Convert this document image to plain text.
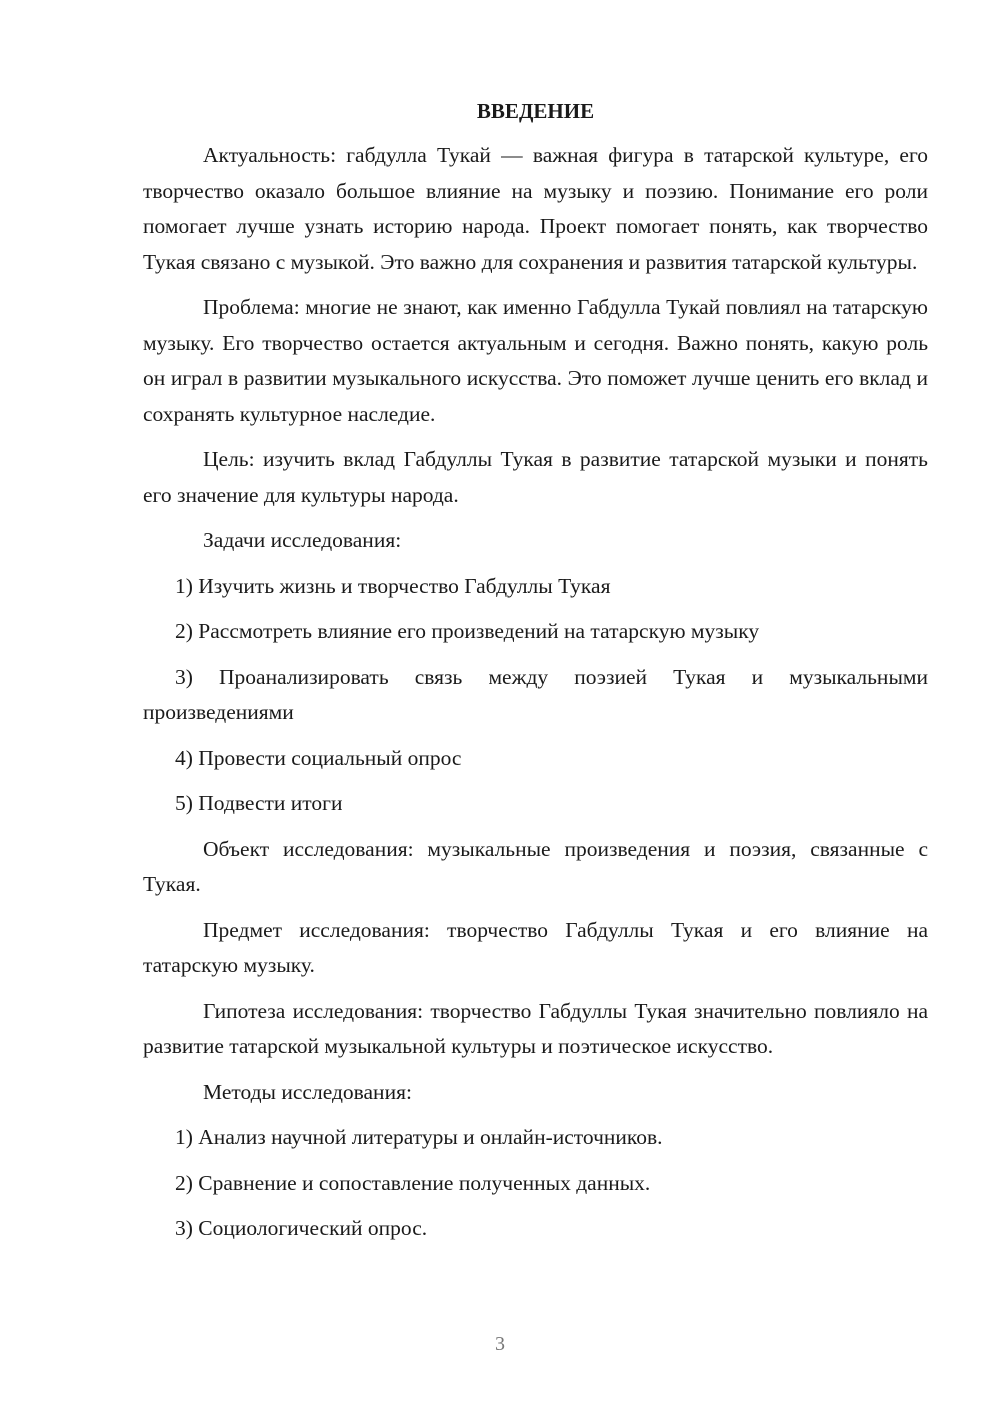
ВВЕДЕНИЕ

Актуальность: габдулла Тукай — важная фигура в татарской культуре, его творчество оказало большое влияние на музыку и поэзию. Понимание его роли помогает лучше узнать историю народа. Проект помогает понять, как творчество Тукая связано с музыкой. Это важно для сохранения и развития татарской культуры.

Проблема: многие не знают, как именно Габдулла Тукай повлиял на татарскую музыку. Его творчество остается актуальным и сегодня. Важно понять, какую роль он играл в развитии музыкального искусства. Это поможет лучше ценить его вклад и сохранять культурное наследие.

Цель: изучить вклад Габдуллы Тукая в развитие татарской музыки и понять его значение для культуры народа.

Задачи исследования:

1) Изучить жизнь и творчество Габдуллы Тукая

2) Рассмотреть влияние его произведений на татарскую музыку

3) Проанализировать связь между поэзией Тукая и музыкальными произведениями

4) Провести социальный опрос

5) Подвести итоги

Объект исследования: музыкальные произведения и поэзия, связанные с Тукая.

Предмет исследования: творчество Габдуллы Тукая и его влияние на татарскую музыку.

Гипотеза исследования: творчество Габдуллы Тукая значительно повлияло на развитие татарской музыкальной культуры и поэтическое искусство.

Методы исследования:

1) Анализ научной литературы и онлайн-источников.

2) Сравнение и сопоставление полученных данных.

3) Социологический опрос.

3
